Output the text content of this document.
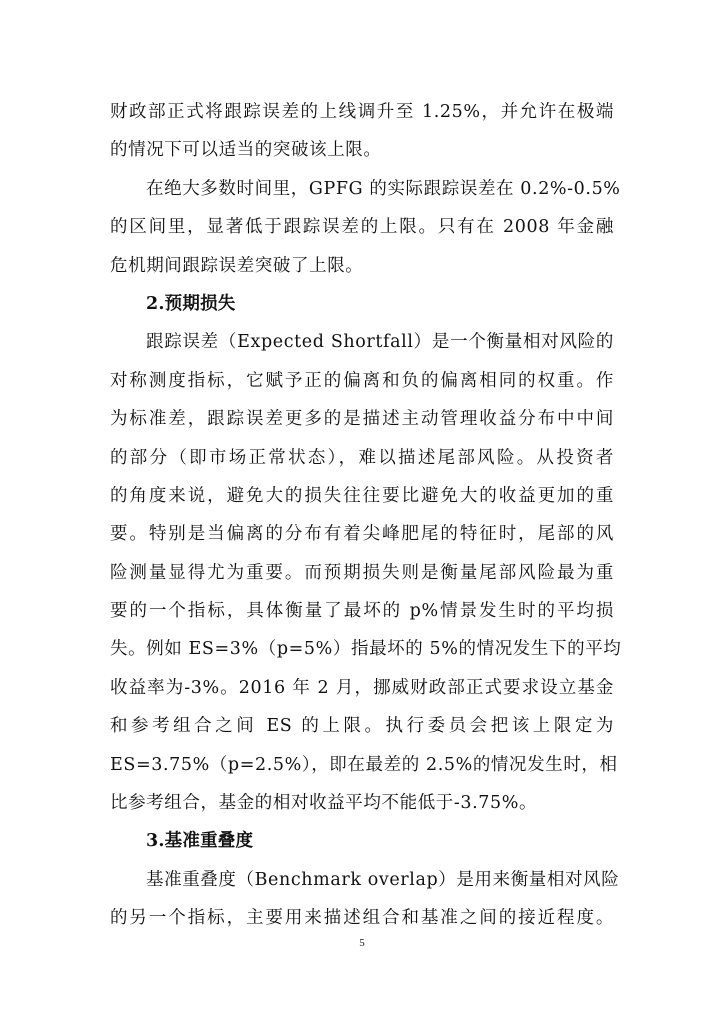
财政部正式将跟踪误差的上线调升至 1.25%，并允许在极端
的情况下可以适当的突破该上限。
在绝大多数时间里，GPFG 的实际跟踪误差在 0.2%-0.5%
的区间里，显著低于跟踪误差的上限。只有在 2008 年金融
危机期间跟踪误差突破了上限。
2.预期损失
跟踪误差（Expected Shortfall）是一个衡量相对风险的
对称测度指标，它赋予正的偏离和负的偏离相同的权重。作
为标准差，跟踪误差更多的是描述主动管理收益分布中中间
的部分（即市场正常状态），难以描述尾部风险。从投资者
的角度来说，避免大的损失往往要比避免大的收益更加的重
要。特别是当偏离的分布有着尖峰肥尾的特征时，尾部的风
险测量显得尤为重要。而预期损失则是衡量尾部风险最为重
要的一个指标，具体衡量了最坏的 p%情景发生时的平均损
失。例如 ES=3%（p=5%）指最坏的 5%的情况发生下的平均
收益率为-3%。2016 年 2 月，挪威财政部正式要求设立基金
和参考组合之间 ES 的上限。执行委员会把该上限定为
ES=3.75%（p=2.5%），即在最差的 2.5%的情况发生时，相
比参考组合，基金的相对收益平均不能低于-3.75%。
3.基准重叠度
基准重叠度（Benchmark overlap）是用来衡量相对风险
的另一个指标，主要用来描述组合和基准之间的接近程度。
5
